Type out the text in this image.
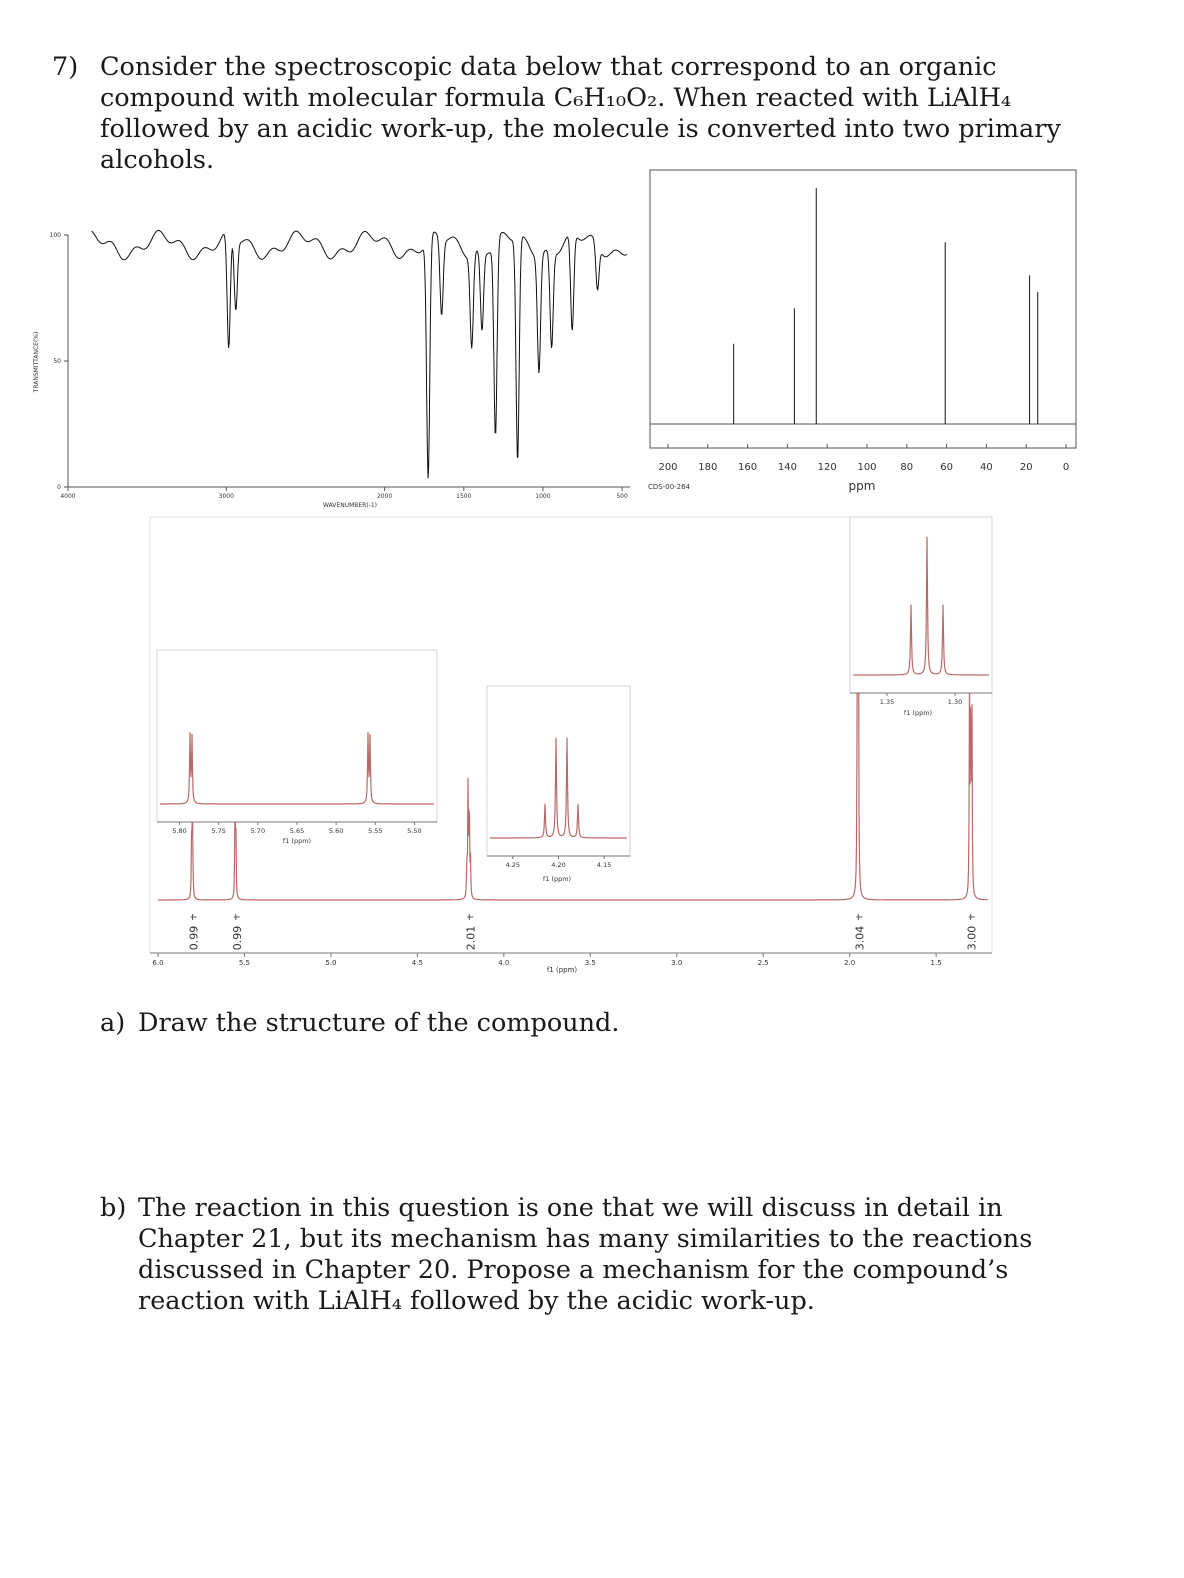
7) Consider the spectroscopic data below that correspond to an organic compound with molecular formula C₆H₁₀O₂. When reacted with LiAlH₄ followed by an acidic work-up, the molecule is converted into two primary alcohols.
4000	3000	2000	1500	1000	500
100
50
0
WAVENUMBER(-1)
TRANSMITTANCE(%)
200 180 160 140 120 100 80	60	40	20	0
ppm
CDS-00-264
6.0	5.5	5.0	4.5	4.0	3.5	3.0	2.5	2.0	1.5
0.99	0.99	2.01	3.04	3.00
f1 (ppm)
5.80	5.75	5.70	5.65	5.60	5.55	5.50
f1 (ppm)
4.25	4.20	4.15
f1 (ppm)
1.35	1.30
f1 (ppm)
a) Draw the structure of the compound.
b) The reaction in this question is one that we will discuss in detail in Chapter 21, but its mechanism has many similarities to the reactions discussed in Chapter 20. Propose a mechanism for the compound’s reaction with LiAlH₄ followed by the acidic work-up.
